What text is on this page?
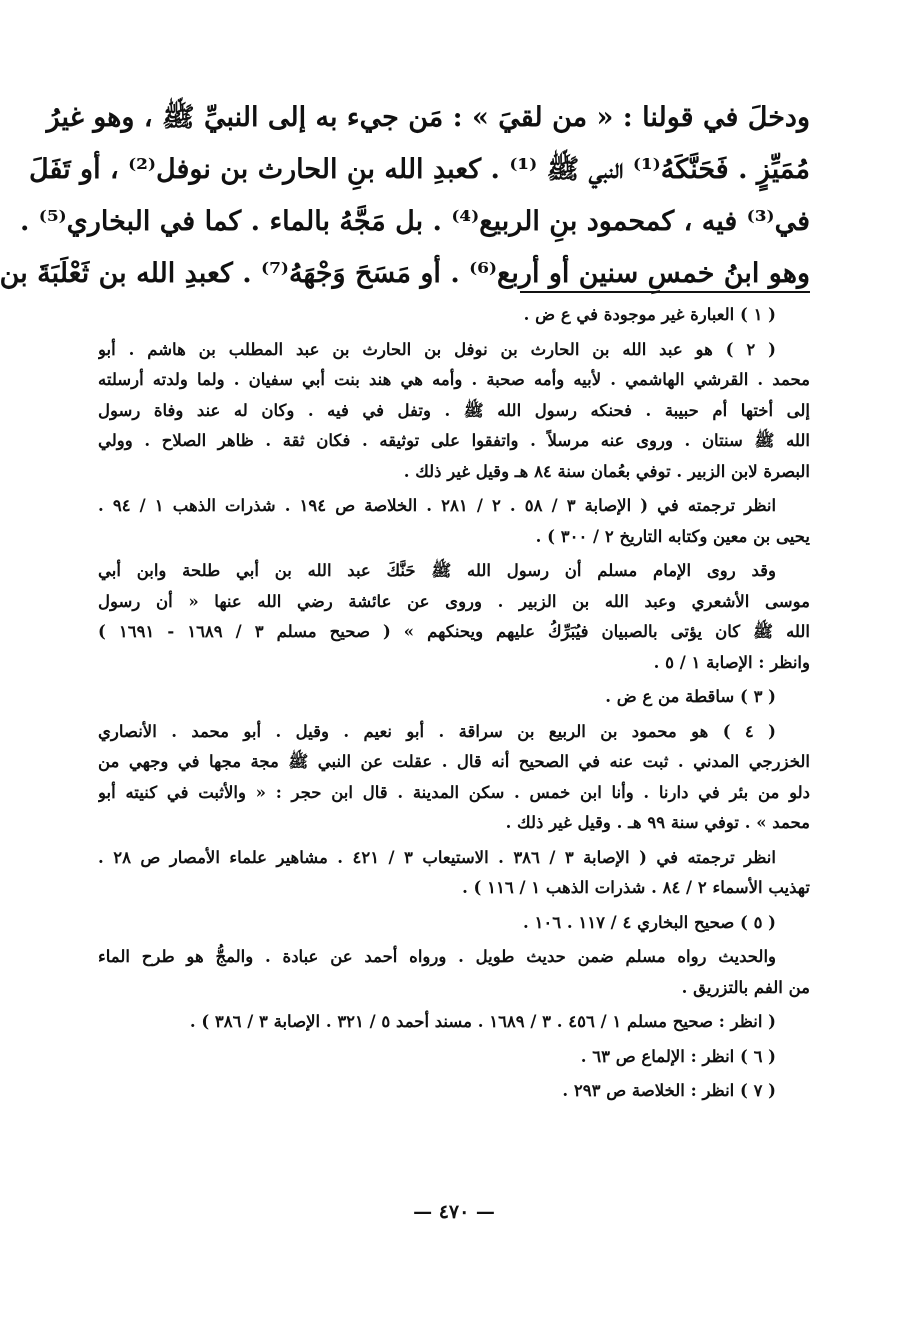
ودخلَ في قولنا : « من لقيَ » : مَن جيء به إلى النبيِّ ﷺ ، وهو غيرُ
مُمَيِّزٍ . فَحَنَّكَهُ⁽¹⁾ النبي ﷺ ⁽¹⁾ . كعبدِ الله بنِ الحارث بن نوفل⁽²⁾ ، أو تَفَلَ
في⁽³⁾ فيه ، كمحمود بنِ الربيع⁽⁴⁾ . بل مَجَّهُ بالماء . كما في البخاري⁽⁵⁾ .
وهو ابنُ خمسِ سنين أو أربع⁽⁶⁾ . أو مَسَحَ وَجْهَهُ⁽⁷⁾ . كعبدِ الله بن ثَعْلَبَةَ بن
( ١ ) العبارة غير موجودة في ع ض .
( ٢ ) هو عبد الله بن الحارث بن نوفل بن الحارث بن عبد المطلب بن هاشم . أبو
محمد . القرشي الهاشمي . لأبيه وأمه صحبة . وأمه هي هند بنت أبي سفيان . ولما ولدته أرسلته
إلى أختها أم حبيبة . فحنكه رسول الله ﷺ . وتفل في فيه . وكان له عند وفاة رسول
الله ﷺ سنتان . وروى عنه مرسلاً . واتفقوا على توثيقه . فكان ثقة . ظاهر الصلاح . وولي
البصرة لابن الزبير . توفي بعُمان سنة ٨٤ هـ وقيل غير ذلك .
انظر ترجمته في ( الإصابة ٣ / ٥٨ . ٢ / ٢٨١ . الخلاصة ص ١٩٤ . شذرات الذهب ١ / ٩٤ .
يحيى بن معين وكتابه التاريخ ٢ / ٣٠٠ ) .
وقد روى الإمام مسلم أن رسول الله ﷺ حَنَّكَ عبد الله بن أبي طلحة وابن أبي
موسى الأشعري وعبد الله بن الزبير . وروى عن عائشة رضي الله عنها « أن رسول
الله ﷺ كان يؤتى بالصبيان فيُبَرِّكُ عليهم ويحنكهم » ( صحيح مسلم ٣ / ١٦٨٩ - ١٦٩١ )
وانظر : الإصابة ١ / ٥ .
( ٣ ) ساقطة من ع ض .
( ٤ ) هو محمود بن الربيع بن سراقة . أبو نعيم . وقيل . أبو محمد . الأنصاري
الخزرجي المدني . ثبت عنه في الصحيح أنه قال . عقلت عن النبي ﷺ مجة مجها في وجهي من
دلو من بئر في دارنا . وأنا ابن خمس . سكن المدينة . قال ابن حجر : « والأثبت في كنيته أبو
محمد » . توفي سنة ٩٩ هـ . وقيل غير ذلك .
انظر ترجمته في ( الإصابة ٣ / ٣٨٦ . الاستيعاب ٣ / ٤٢١ . مشاهير علماء الأمصار ص ٢٨ .
تهذيب الأسماء ٢ / ٨٤ . شذرات الذهب ١ / ١١٦ ) .
( ٥ ) صحيح البخاري ٤ / ١١٧ . ١٠٦ .
والحديث رواه مسلم ضمن حديث طويل . ورواه أحمد عن عبادة . والمجُّ هو طرح الماء
من الفم بالتزريق .
( انظر : صحيح مسلم ١ / ٤٥٦ . ٣ / ١٦٨٩ . مسند أحمد ٥ / ٣٢١ . الإصابة ٣ / ٣٨٦ ) .
( ٦ ) انظر : الإلماع ص ٦٣ .
( ٧ ) انظر : الخلاصة ص ٢٩٣ .
— ٤٧٠ —
